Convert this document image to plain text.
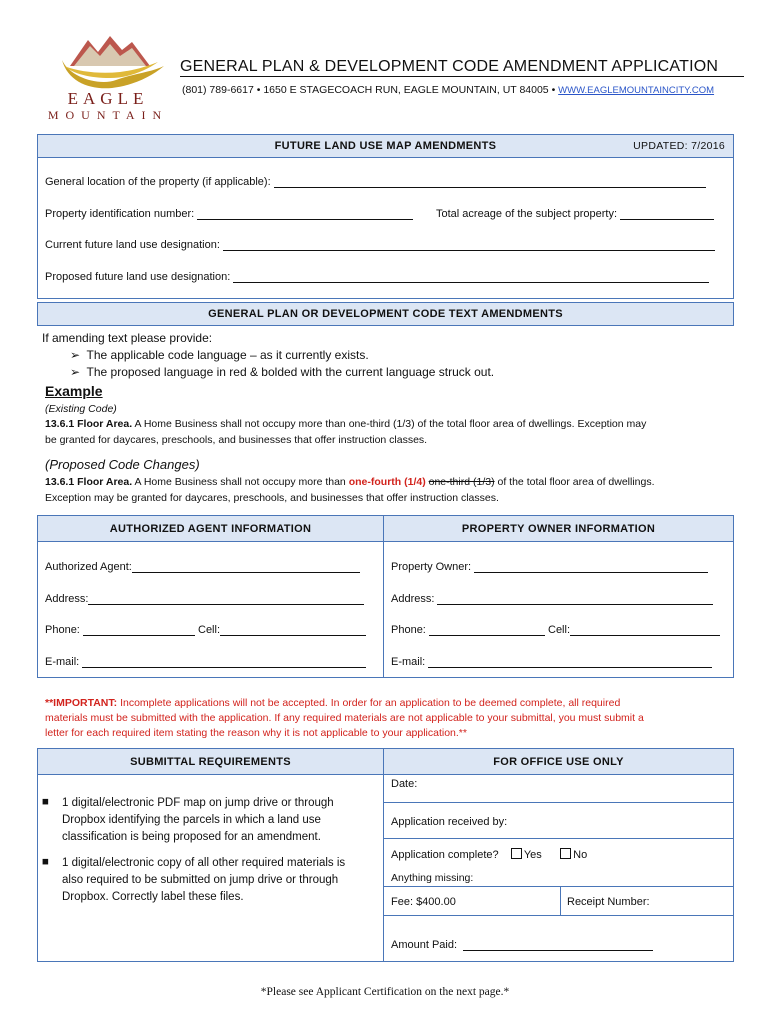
EAGLE
MOUNTAIN
GENERAL PLAN & DEVELOPMENT CODE AMENDMENT APPLICATION
(801) 789-6617 • 1650 E STAGECOACH RUN, EAGLE MOUNTAIN, UT 84005 • WWW.EAGLEMOUNTAINCITY.COM
FUTURE LAND USE MAP AMENDMENTS	UPDATED: 7/2016
General location of the property (if applicable):
Property identification number:	Total acreage of the subject property:
Current future land use designation:
Proposed future land use designation:
GENERAL PLAN OR DEVELOPMENT CODE TEXT AMENDMENTS
If amending text please provide:
➢ The applicable code language – as it currently exists.
➢ The proposed language in red & bolded with the current language struck out.
Example
(Existing Code)
13.6.1 Floor Area. A Home Business shall not occupy more than one-third (1/3) of the total floor area of dwellings. Exception may
be granted for daycares, preschools, and businesses that offer instruction classes.
(Proposed Code Changes)
13.6.1 Floor Area. A Home Business shall not occupy more than one-fourth (1/4) one-third (1/3) of the total floor area of dwellings.
Exception may be granted for daycares, preschools, and businesses that offer instruction classes.
AUTHORIZED AGENT INFORMATION	PROPERTY OWNER INFORMATION
Authorized Agent:
Address:
Phone:	Cell:
E-mail:
Property Owner:
Address:
Phone:	Cell:
E-mail:
**IMPORTANT: Incomplete applications will not be accepted. In order for an application to be deemed complete, all required
materials must be submitted with the application. If any required materials are not applicable to your submittal, you must submit a
letter for each required item stating the reason why it is not applicable to your application.**
SUBMITTAL REQUIREMENTS	FOR OFFICE USE ONLY
■ 1 digital/electronic PDF map on jump drive or through
Dropbox identifying the parcels in which a land use
classification is being proposed for an amendment.
■ 1 digital/electronic copy of all other required materials is
also required to be submitted on jump drive or through
Dropbox. Correctly label these files.
Date:
Application received by:
Application complete? Yes	No
Anything missing:
Fee: $400.00	Receipt Number:
Amount Paid:
*Please see Applicant Certification on the next page.*
